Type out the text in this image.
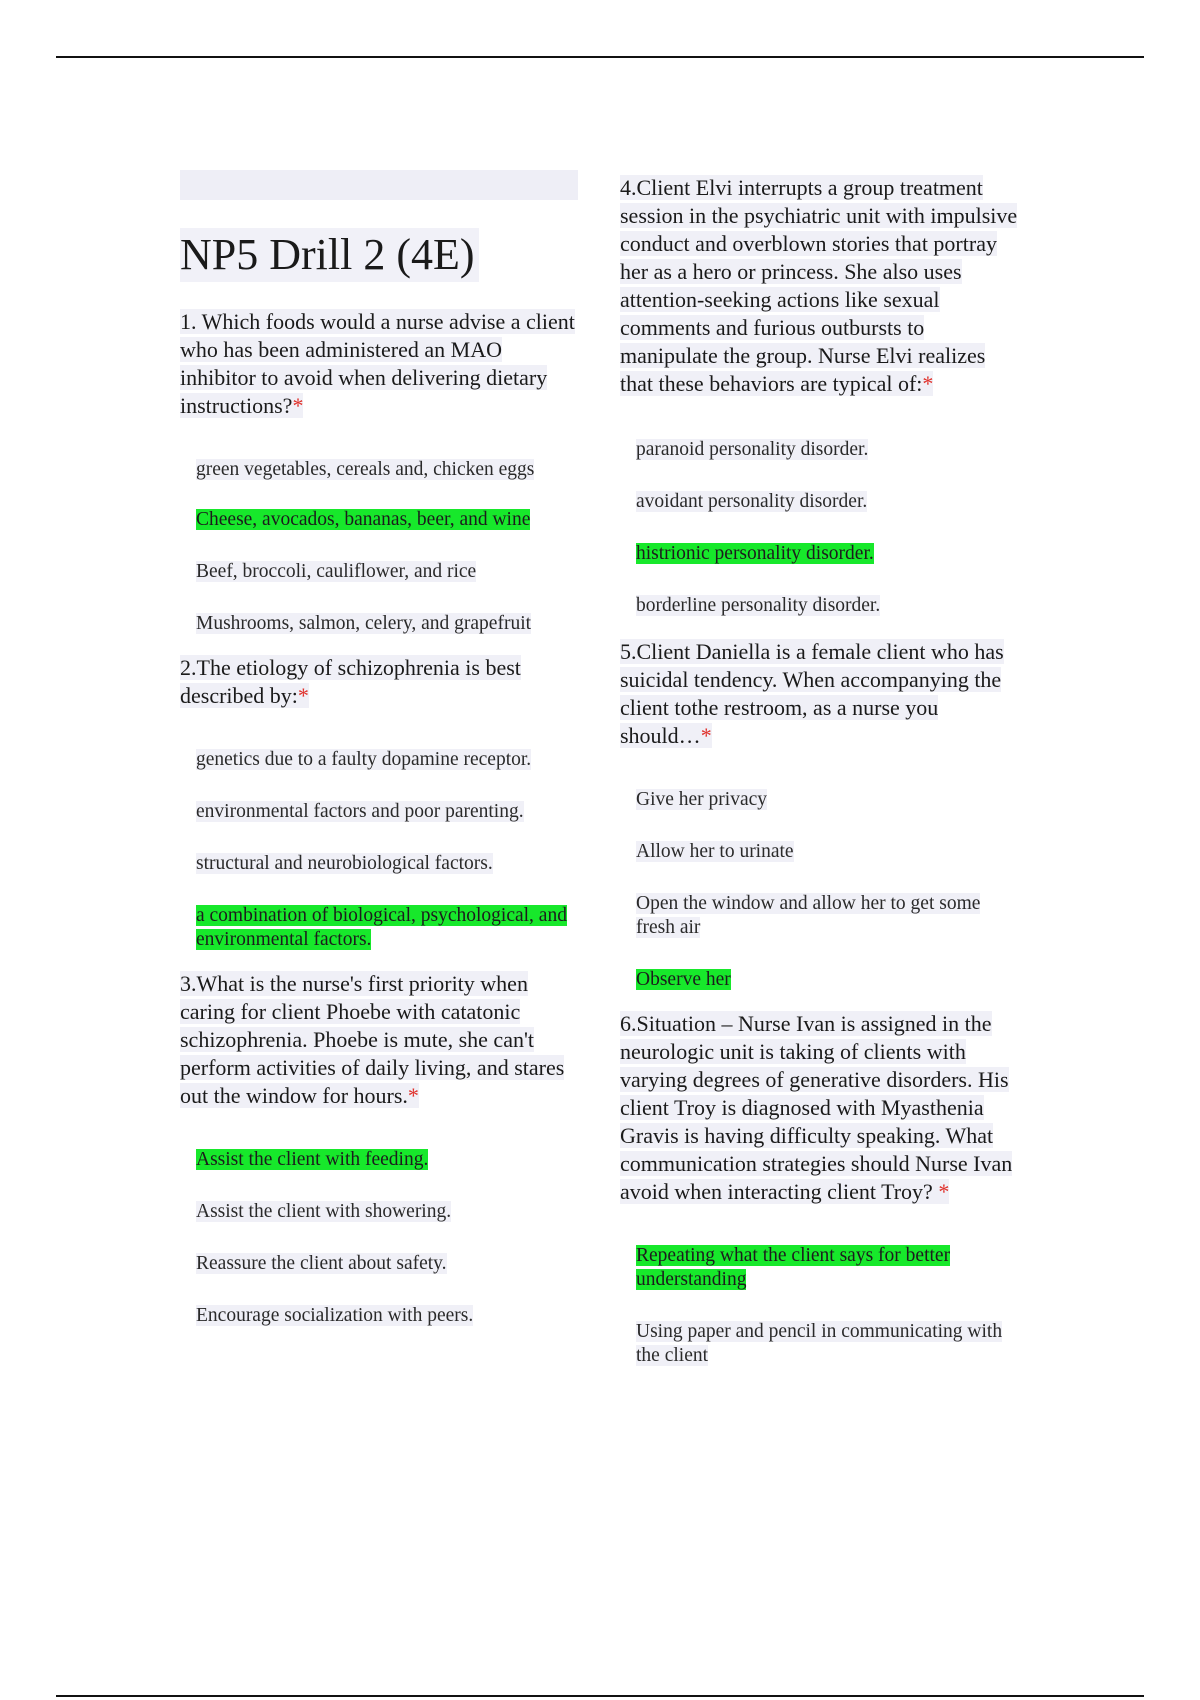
NP5 Drill 2 (4E)

1. Which foods would a nurse advise a client who has been administered an MAO inhibitor to avoid when delivering dietary instructions?*

green vegetables, cereals and, chicken eggs
Cheese, avocados, bananas, beer, and wine
Beef, broccoli, cauliflower, and rice
Mushrooms, salmon, celery, and grapefruit

2.The etiology of schizophrenia is best described by:*

genetics due to a faulty dopamine receptor.
environmental factors and poor parenting.
structural and neurobiological factors.
a combination of biological, psychological, and environmental factors.

3.What is the nurse's first priority when caring for client Phoebe with catatonic schizophrenia. Phoebe is mute, she can't perform activities of daily living, and stares out the window for hours.*

Assist the client with feeding.
Assist the client with showering.
Reassure the client about safety.
Encourage socialization with peers.

4.Client Elvi interrupts a group treatment session in the psychiatric unit with impulsive conduct and overblown stories that portray her as a hero or princess. She also uses attention-seeking actions like sexual comments and furious outbursts to manipulate the group. Nurse Elvi realizes that these behaviors are typical of:*

paranoid personality disorder.
avoidant personality disorder.
histrionic personality disorder.
borderline personality disorder.

5.Client Daniella is a female client who has suicidal tendency. When accompanying the client tothe restroom, as a nurse you should…*

Give her privacy
Allow her to urinate
Open the window and allow her to get some fresh air
Observe her

6.Situation – Nurse Ivan is assigned in the neurologic unit is taking of clients with varying degrees of generative disorders. His client Troy is diagnosed with Myasthenia Gravis is having difficulty speaking. What communication strategies should Nurse Ivan avoid when interacting client Troy? *

Repeating what the client says for better understanding
Using paper and pencil in communicating with the client
